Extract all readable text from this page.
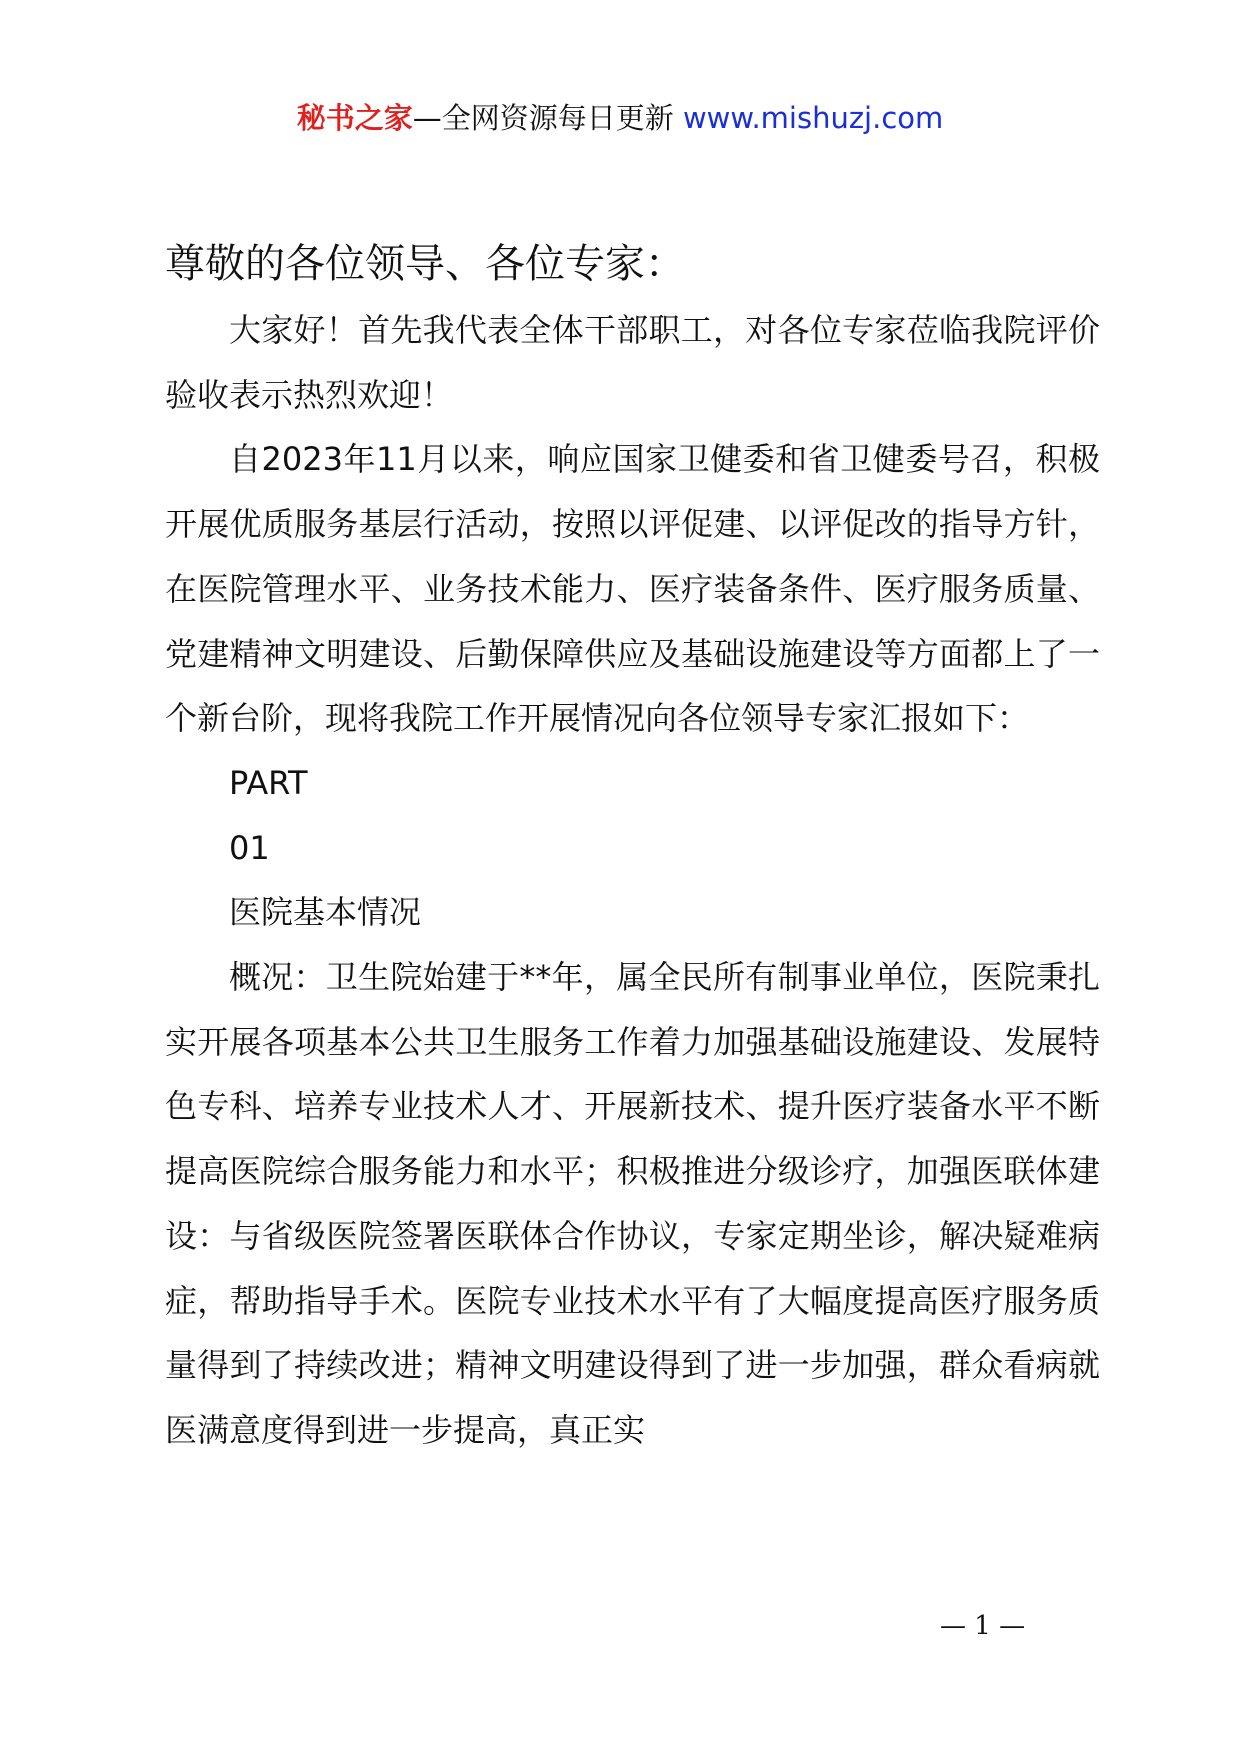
秘书之家—全网资源每日更新 www.mishuzj.com
尊敬的各位领导、各位专家：

大家好！首先我代表全体干部职工，对各位专家莅临我院评价验收表示热烈欢迎！

自2023年11月以来，响应国家卫健委和省卫健委号召，积极开展优质服务基层行活动，按照以评促建、以评促改的指导方针，在医院管理水平、业务技术能力、医疗装备条件、医疗服务质量、党建精神文明建设、后勤保障供应及基础设施建设等方面都上了一个新台阶，现将我院工作开展情况向各位领导专家汇报如下：

PART

01

医院基本情况

概况：卫生院始建于**年，属全民所有制事业单位，医院秉扎实开展各项基本公共卫生服务工作着力加强基础设施建设、发展特色专科、培养专业技术人才、开展新技术、提升医疗装备水平不断提高医院综合服务能力和水平；积极推进分级诊疗，加强医联体建设：与省级医院签署医联体合作协议，专家定期坐诊，解决疑难病症，帮助指导手术。医院专业技术水平有了大幅度提高医疗服务质量得到了持续改进；精神文明建设得到了进一步加强，群众看病就医满意度得到进一步提高，真正实

— 1 —
